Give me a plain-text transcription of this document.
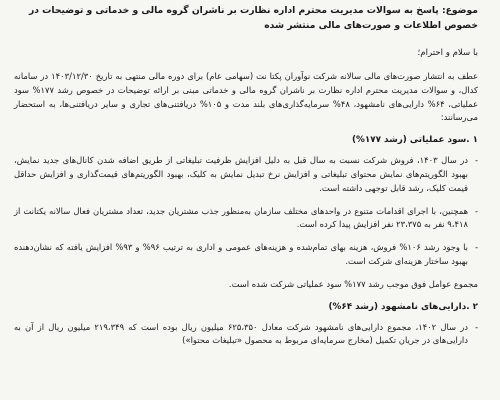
موضوع: پاسخ به سوالات مدیریت محترم اداره نظارت بر ناشران گروه مالی و خدماتی و توضیحات در خصوص اطلاعات و صورت‌های مالی منتشر شده
با سلام و احترام؛

عطف به انتشار صورت‌های مالی سالانه شرکت نوآوران پکتا نت (سهامی عام) برای دوره مالی منتهی به تاریخ ۱۴۰۳/۱۲/۳۰ در سامانه کدال، و سوالات مدیریت محترم اداره نظارت بر ناشران گروه مالی و خدماتی مبنی بر ارائه توضیحات در خصوص رشد ۱۷۷% سود عملیاتی، ۶۴% دارایی‌های نامشهود، ۴۸% سرمایه‌گذاری‌های بلند مدت و ۱۰۵% دریافتنی‌های تجاری و سایر دریافتنی‌ها، به استحضار می‌رسانند:

۱ .سود عملیاتی (رشد ۱۷۷%)

- در سال ۱۴۰۳، فروش شرکت نسبت به سال قبل به دلیل افزایش ظرفیت تبلیغاتی از طریق اضافه شدن کانال‌های جدید نمایش، بهبود الگوریتم‌های نمایش محتوای تبلیغاتی و افزایش نرخ تبدیل نمایش به کلیک، بهبود الگوریتم‌های قیمت‌گذاری و افزایش حداقل قیمت کلیک، رشد قابل توجهی داشته است.

- همچنین، با اجرای اقدامات متنوع در واحدهای مختلف سازمان به‌منظور جذب مشتریان جدید، تعداد مشتریان فعال سالانه یکتانت از ۹،۴۱۸ نفر به ۲۳،۳۷۵ نفر افزایش پیدا کرده است.

- با وجود رشد ۱۰۶% فروش، هزینه بهای تمام‌شده و هزینه‌های عمومی و اداری به ترتیب ۹۶% و ۹۳% افزایش یافته که نشان‌دهنده بهبود ساختار هزینه‌ای شرکت است.

مجموع عوامل فوق موجب رشد ۱۷۷% سود عملیاتی شرکت شده است.

۲ .دارایی‌های نامشهود (رشد ۶۴%)

- در سال ۱۴۰۲، مجموع دارایی‌های نامشهود شرکت معادل ۶۲۵،۳۵۰ میلیون ریال بوده است که ۲۱۹،۳۴۹ میلیون ریال از آن به دارایی‌های در جریان تکمیل (مخارج سرمایه‌ای مربوط به محصول «تبلیغات محتوا»)
